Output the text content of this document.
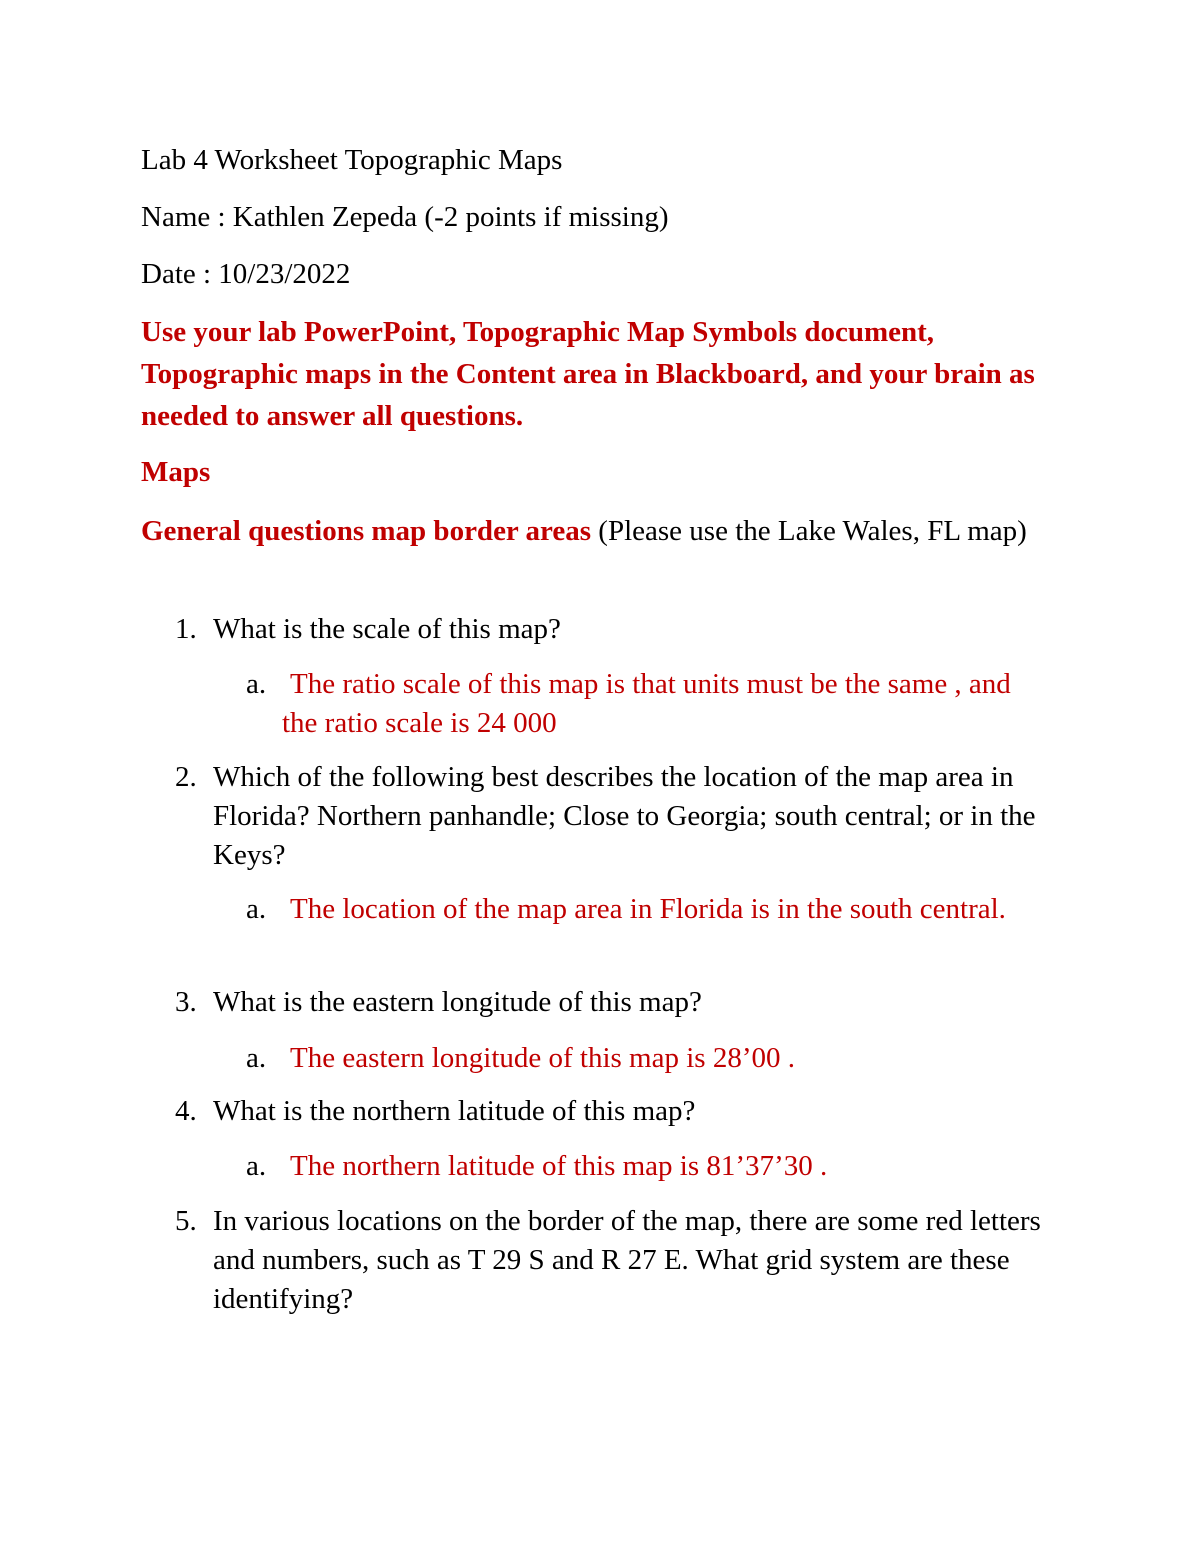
Lab 4 Worksheet Topographic Maps
Name : Kathlen Zepeda (-2 points if missing)
Date : 10/23/2022
Use your lab PowerPoint, Topographic Map Symbols document, Topographic maps in the Content area in Blackboard, and your brain as needed to answer all questions.
Maps
General questions map border areas (Please use the Lake Wales, FL map)
1. What is the scale of this map?
a. The ratio scale of this map is that units must be the same , and the ratio scale is 24 000
2. Which of the following best describes the location of the map area in Florida? Northern panhandle; Close to Georgia; south central; or in the Keys?
a. The location of the map area in Florida is in the south central.
3. What is the eastern longitude of this map?
a. The eastern longitude of this map is 28’00 .
4. What is the northern latitude of this map?
a. The northern latitude of this map is 81’37’30 .
5. In various locations on the border of the map, there are some red letters and numbers, such as T 29 S and R 27 E. What grid system are these identifying?
